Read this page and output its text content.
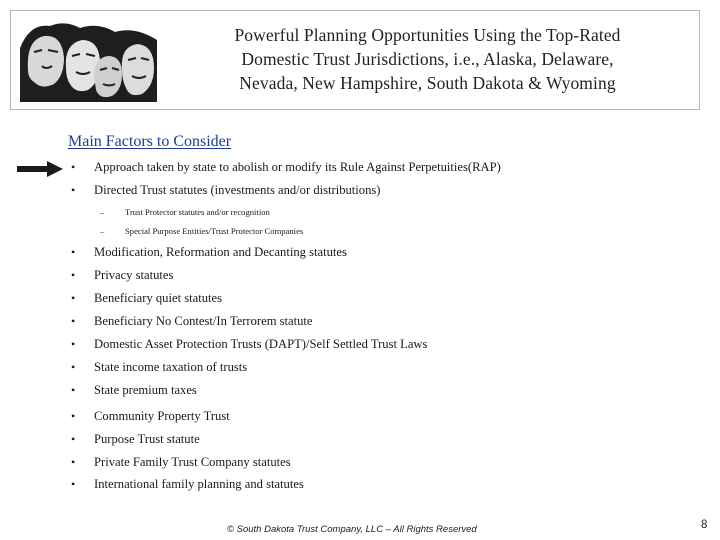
Powerful Planning Opportunities Using the Top-Rated
Domestic Trust Jurisdictions, i.e., Alaska, Delaware,
Nevada, New Hampshire, South Dakota & Wyoming
Main Factors to Consider
• Approach taken by state to abolish or modify its Rule Against Perpetuities(RAP)
• Directed Trust statutes (investments and/or distributions)
– Trust Protector statutes and/or recognition
– Special Purpose Entities/Trust Protector Companies
• Modification, Reformation and Decanting statutes
• Privacy statutes
• Beneficiary quiet statutes
• Beneficiary No Contest/In Terrorem statute
• Domestic Asset Protection Trusts (DAPT)/Self Settled Trust Laws
• State income taxation of trusts
• State premium taxes
• Community Property Trust
• Purpose Trust statute
• Private Family Trust Company statutes
• International family planning and statutes
© South Dakota Trust Company, LLC – All Rights Reserved	8
